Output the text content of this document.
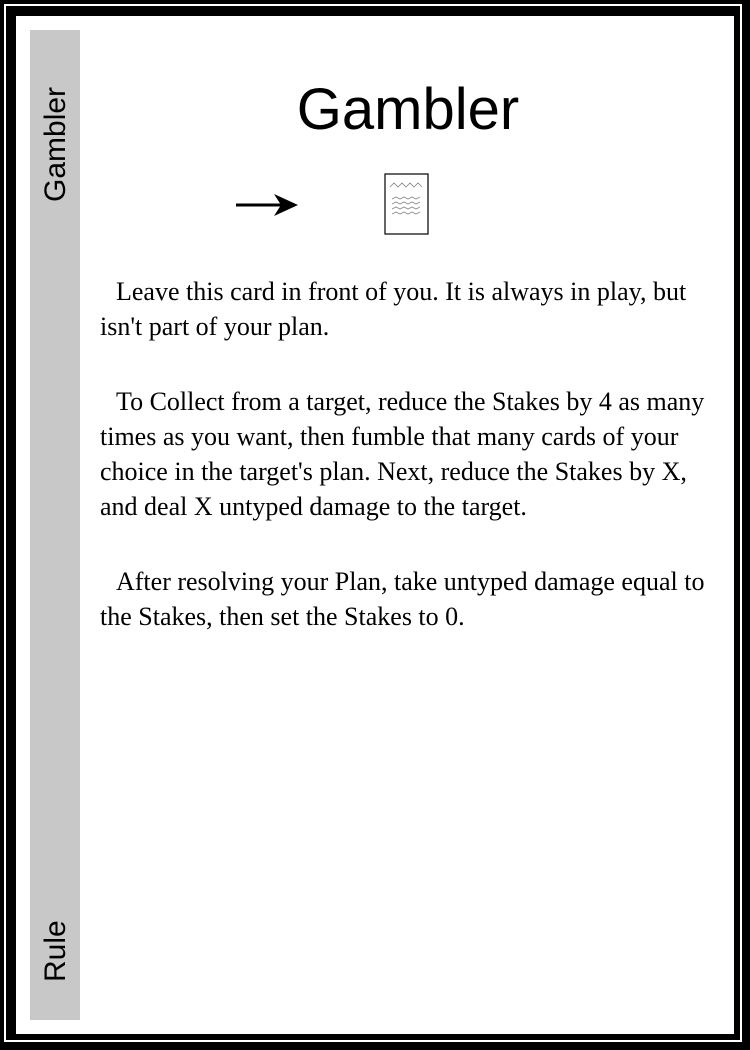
Gambler
Rule
Gambler

Leave this card in front of you. It is always in play, but isn't part of your plan.

To Collect from a target, reduce the Stakes by 4 as many times as you want, then fumble that many cards of your choice in the target's plan. Next, reduce the Stakes by X, and deal X untyped damage to the target.

After resolving your Plan, take untyped damage equal to the Stakes, then set the Stakes to 0.
